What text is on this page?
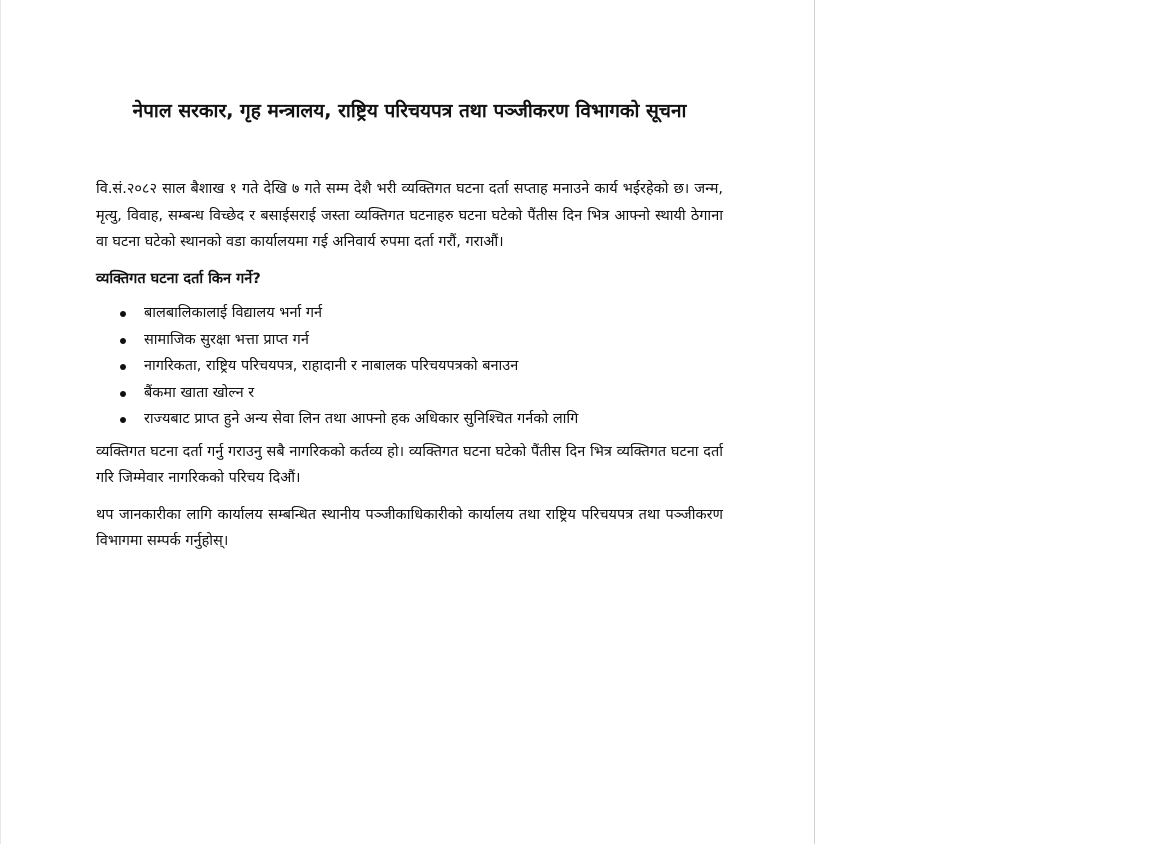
नेपाल सरकार, गृह मन्त्रालय, राष्ट्रिय परिचयपत्र तथा पञ्जीकरण विभागको सूचना

वि.सं.२०८२ साल बैशाख १ गते देखि ७ गते सम्म देशै भरी व्यक्तिगत घटना दर्ता सप्ताह मनाउने कार्य भईरहेको छ। जन्म, मृत्यु, विवाह, सम्बन्ध विच्छेद र बसाईसराई जस्ता व्यक्तिगत घटनाहरु घटना घटेको पैंतीस दिन भित्र आफ्नो स्थायी ठेगाना वा घटना घटेको स्थानको वडा कार्यालयमा गई अनिवार्य रुपमा दर्ता गरौं, गराऔं।

व्यक्तिगत घटना दर्ता किन गर्ने?

बालबालिकालाई विद्यालय भर्ना गर्न
सामाजिक सुरक्षा भत्ता प्राप्त गर्न
नागरिकता, राष्ट्रिय परिचयपत्र, राहादानी र नाबालक परिचयपत्रको बनाउन
बैंकमा खाता खोल्न र
राज्यबाट प्राप्त हुने अन्य सेवा लिन तथा आफ्नो हक अधिकार सुनिश्चित गर्नको लागि

व्यक्तिगत घटना दर्ता गर्नु गराउनु सबै नागरिकको कर्तव्य हो। व्यक्तिगत घटना घटेको पैंतीस दिन भित्र व्यक्तिगत घटना दर्ता गरि जिम्मेवार नागरिकको परिचय दिऔं।

थप जानकारीका लागि कार्यालय सम्बन्धित स्थानीय पञ्जीकाधिकारीको कार्यालय तथा राष्ट्रिय परिचयपत्र तथा पञ्जीकरण विभागमा सम्पर्क गर्नुहोस्।
